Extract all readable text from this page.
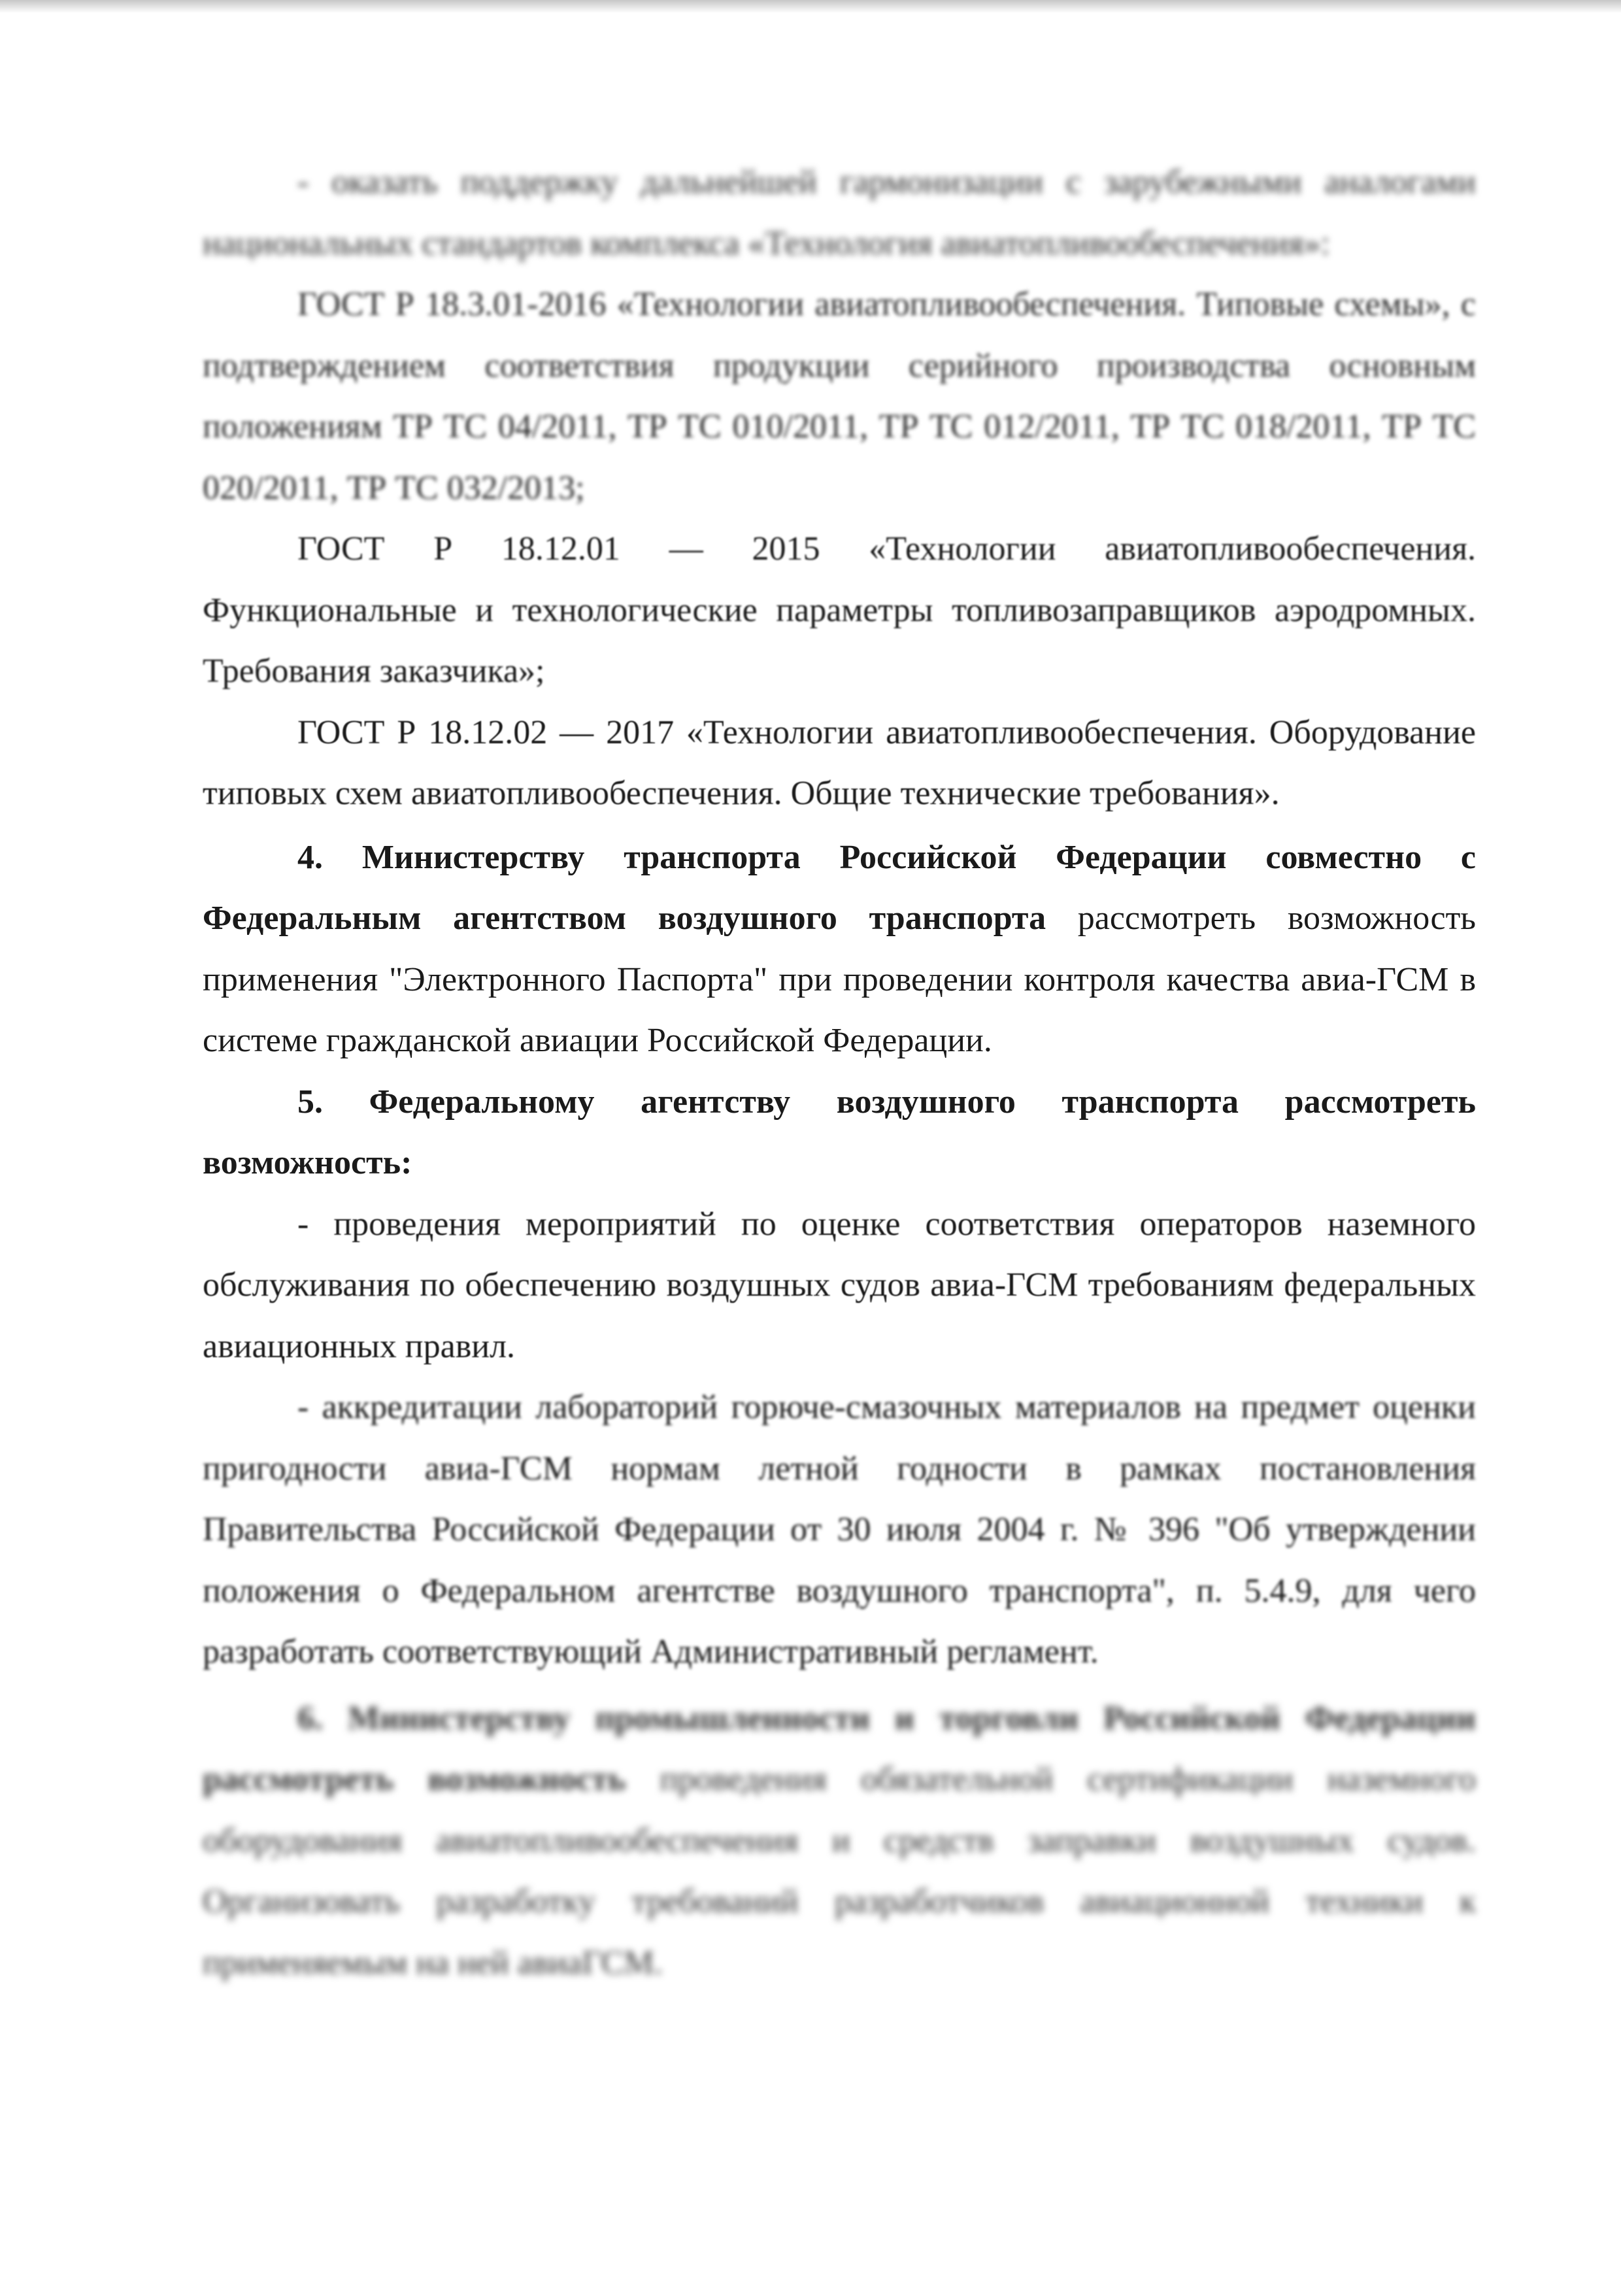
- оказать поддержку дальнейшей гармонизации с зарубежными аналогами национальных стандартов комплекса «Технология авиатопливообеспечения»:

ГОСТ Р 18.3.01-2016 «Технологии авиатопливообеспечения. Типовые схемы», с подтверждением соответствия продукции серийного производства основным положениям ТР ТС 04/2011, ТР ТС 010/2011, ТР ТС 012/2011, ТР ТС 018/2011, ТР ТС 020/2011, ТР ТС 032/2013;

ГОСТ Р 18.12.01 — 2015 «Технологии авиатопливообеспечения. Функциональные и технологические параметры топливозаправщиков аэродромных. Требования заказчика»;

ГОСТ Р 18.12.02 — 2017 «Технологии авиатопливообеспечения. Оборудование типовых схем авиатопливообеспечения. Общие технические требования».

4. Министерству транспорта Российской Федерации совместно с Федеральным агентством воздушного транспорта рассмотреть возможность применения "Электронного Паспорта" при проведении контроля качества авиа-ГСМ в системе гражданской авиации Российской Федерации.

5. Федеральному агентству воздушного транспорта рассмотреть возможность:

- проведения мероприятий по оценке соответствия операторов наземного обслуживания по обеспечению воздушных судов авиа-ГСМ требованиям федеральных авиационных правил.

- аккредитации лабораторий горюче-смазочных материалов на предмет оценки пригодности авиа-ГСМ нормам летной годности в рамках постановления Правительства Российской Федерации от 30 июля 2004 г. № 396 "Об утверждении положения о Федеральном агентстве воздушного транспорта", п. 5.4.9, для чего разработать соответствующий Административный регламент.

6. Министерству промышленности и торговли Российской Федерации рассмотреть возможность проведения обязательной сертификации наземного оборудования авиатопливообеспечения и средств заправки воздушных судов. Организовать разработку требований разработчиков авиационной техники к применяемым на ней авиаГСМ.
